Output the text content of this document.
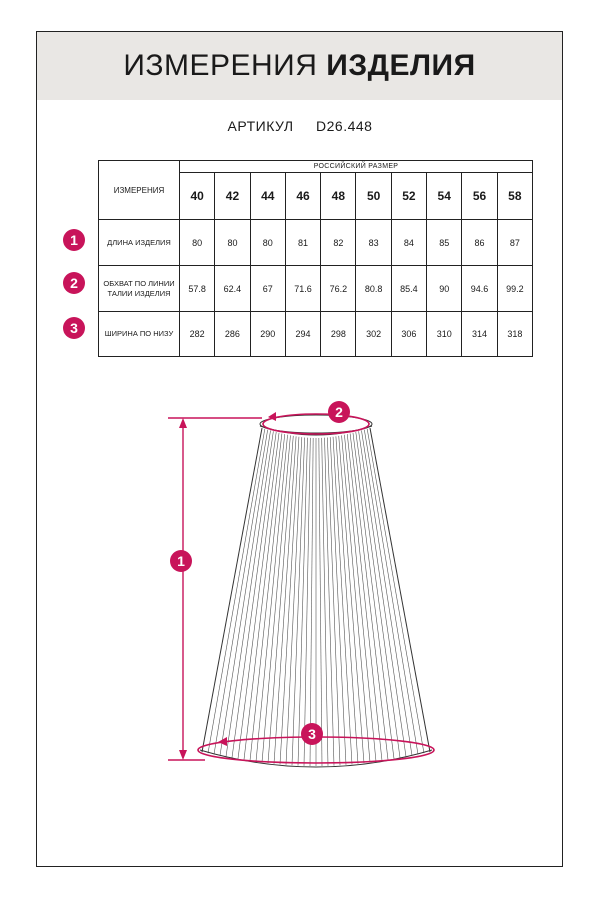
ИЗМЕРЕНИЯ ИЗДЕЛИЯ
АРТИКУЛ D26.448
ИЗМЕРЕНИЯ	РОССИЙСКИЙ РАЗМЕР									
	40	42	44	46	48	50	52	54	56	58
ДЛИНА ИЗДЕЛИЯ	80	80	80	81	82	83	84	85	86	87
ОБХВАТ ПО ЛИНИИ ТАЛИИ ИЗДЕЛИЯ	57.8	62.4	67	71.6	76.2	80.8	85.4	90	94.6	99.2
ШИРИНА ПО НИЗУ	282	286	290	294	298	302	306	310	314	318
1
2
3
1
2
3
